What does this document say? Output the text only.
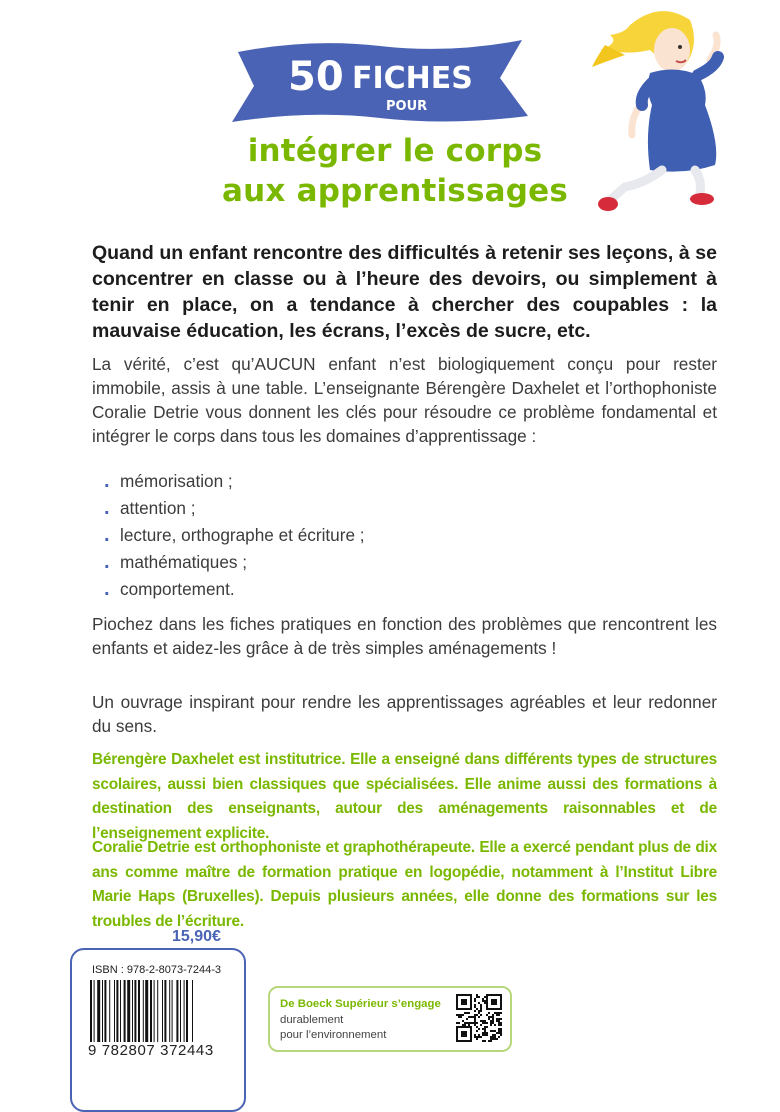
50 FICHES
POUR
intégrer le corps
aux apprentissages
Quand un enfant rencontre des difficultés à retenir ses leçons, à se concentrer en classe ou à l’heure des devoirs, ou simplement à tenir en place, on a tendance à chercher des coupables : la mauvaise éducation, les écrans, l’excès de sucre, etc.

La vérité, c’est qu’AUCUN enfant n’est biologiquement conçu pour rester immobile, assis à une table. L’enseignante Bérengère Daxhelet et l’orthophoniste Coralie Detrie vous donnent les clés pour résoudre ce problème fondamental et intégrer le corps dans tous les domaines d’apprentissage :

. mémorisation ;
. attention ;
. lecture, orthographe et écriture ;
. mathématiques ;
. comportement.

Piochez dans les fiches pratiques en fonction des problèmes que rencontrent les enfants et aidez-les grâce à de très simples aménagements !

Un ouvrage inspirant pour rendre les apprentissages agréables et leur redonner du sens.

Bérengère Daxhelet est institutrice. Elle a enseigné dans différents types de structures scolaires, aussi bien classiques que spécialisées. Elle anime aussi des formations à destination des enseignants, autour des aménagements raisonnables et de l’enseignement explicite.

Coralie Detrie est orthophoniste et graphothérapeute. Elle a exercé pendant plus de dix ans comme maître de formation pratique en logopédie, notamment à l’Institut Libre Marie Haps (Bruxelles). Depuis plusieurs années, elle donne des formations sur les troubles de l’écriture.

15,90€
ISBN : 978-2-8073-7244-3
9 782807 372443
De Boeck Supérieur s’engage
durablement
pour l’environnement
